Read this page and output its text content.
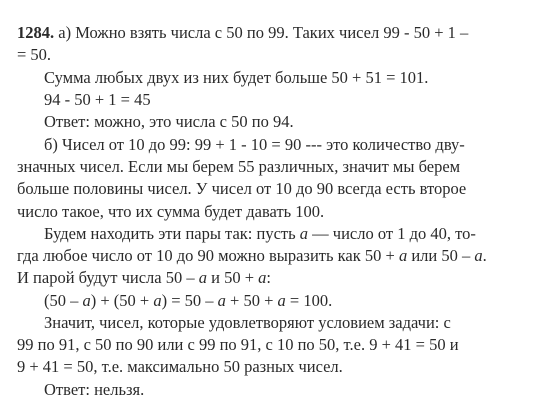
1284. а) Можно взять числа с 50 по 99. Таких чисел 99 - 50 + 1 –
= 50.
Сумма любых двух из них будет больше 50 + 51 = 101.
94 - 50 + 1 = 45
Ответ: можно, это числа с 50 по 94.
б) Чисел от 10 до 99: 99 + 1 - 10 = 90 --- это количество дву-
значных чисел. Если мы берем 55 различных, значит мы берем
больше половины чисел. У чисел от 10 до 90 всегда есть второе
число такое, что их сумма будет давать 100.
Будем находить эти пары так: пусть а — число от 1 до 40, то-
гда любое число от 10 до 90 можно выразить как 50 + а или 50 – а.
И парой будут числа 50 – а и 50 + а:
(50 – а) + (50 + а) = 50 – а + 50 + а = 100.
Значит, чисел, которые удовлетворяют условием задачи: с
99 по 91, с 50 по 90 или с 99 по 91, с 10 по 50, т.е. 9 + 41 = 50 и
9 + 41 = 50, т.е. максимально 50 разных чисел.
Ответ: нельзя.
